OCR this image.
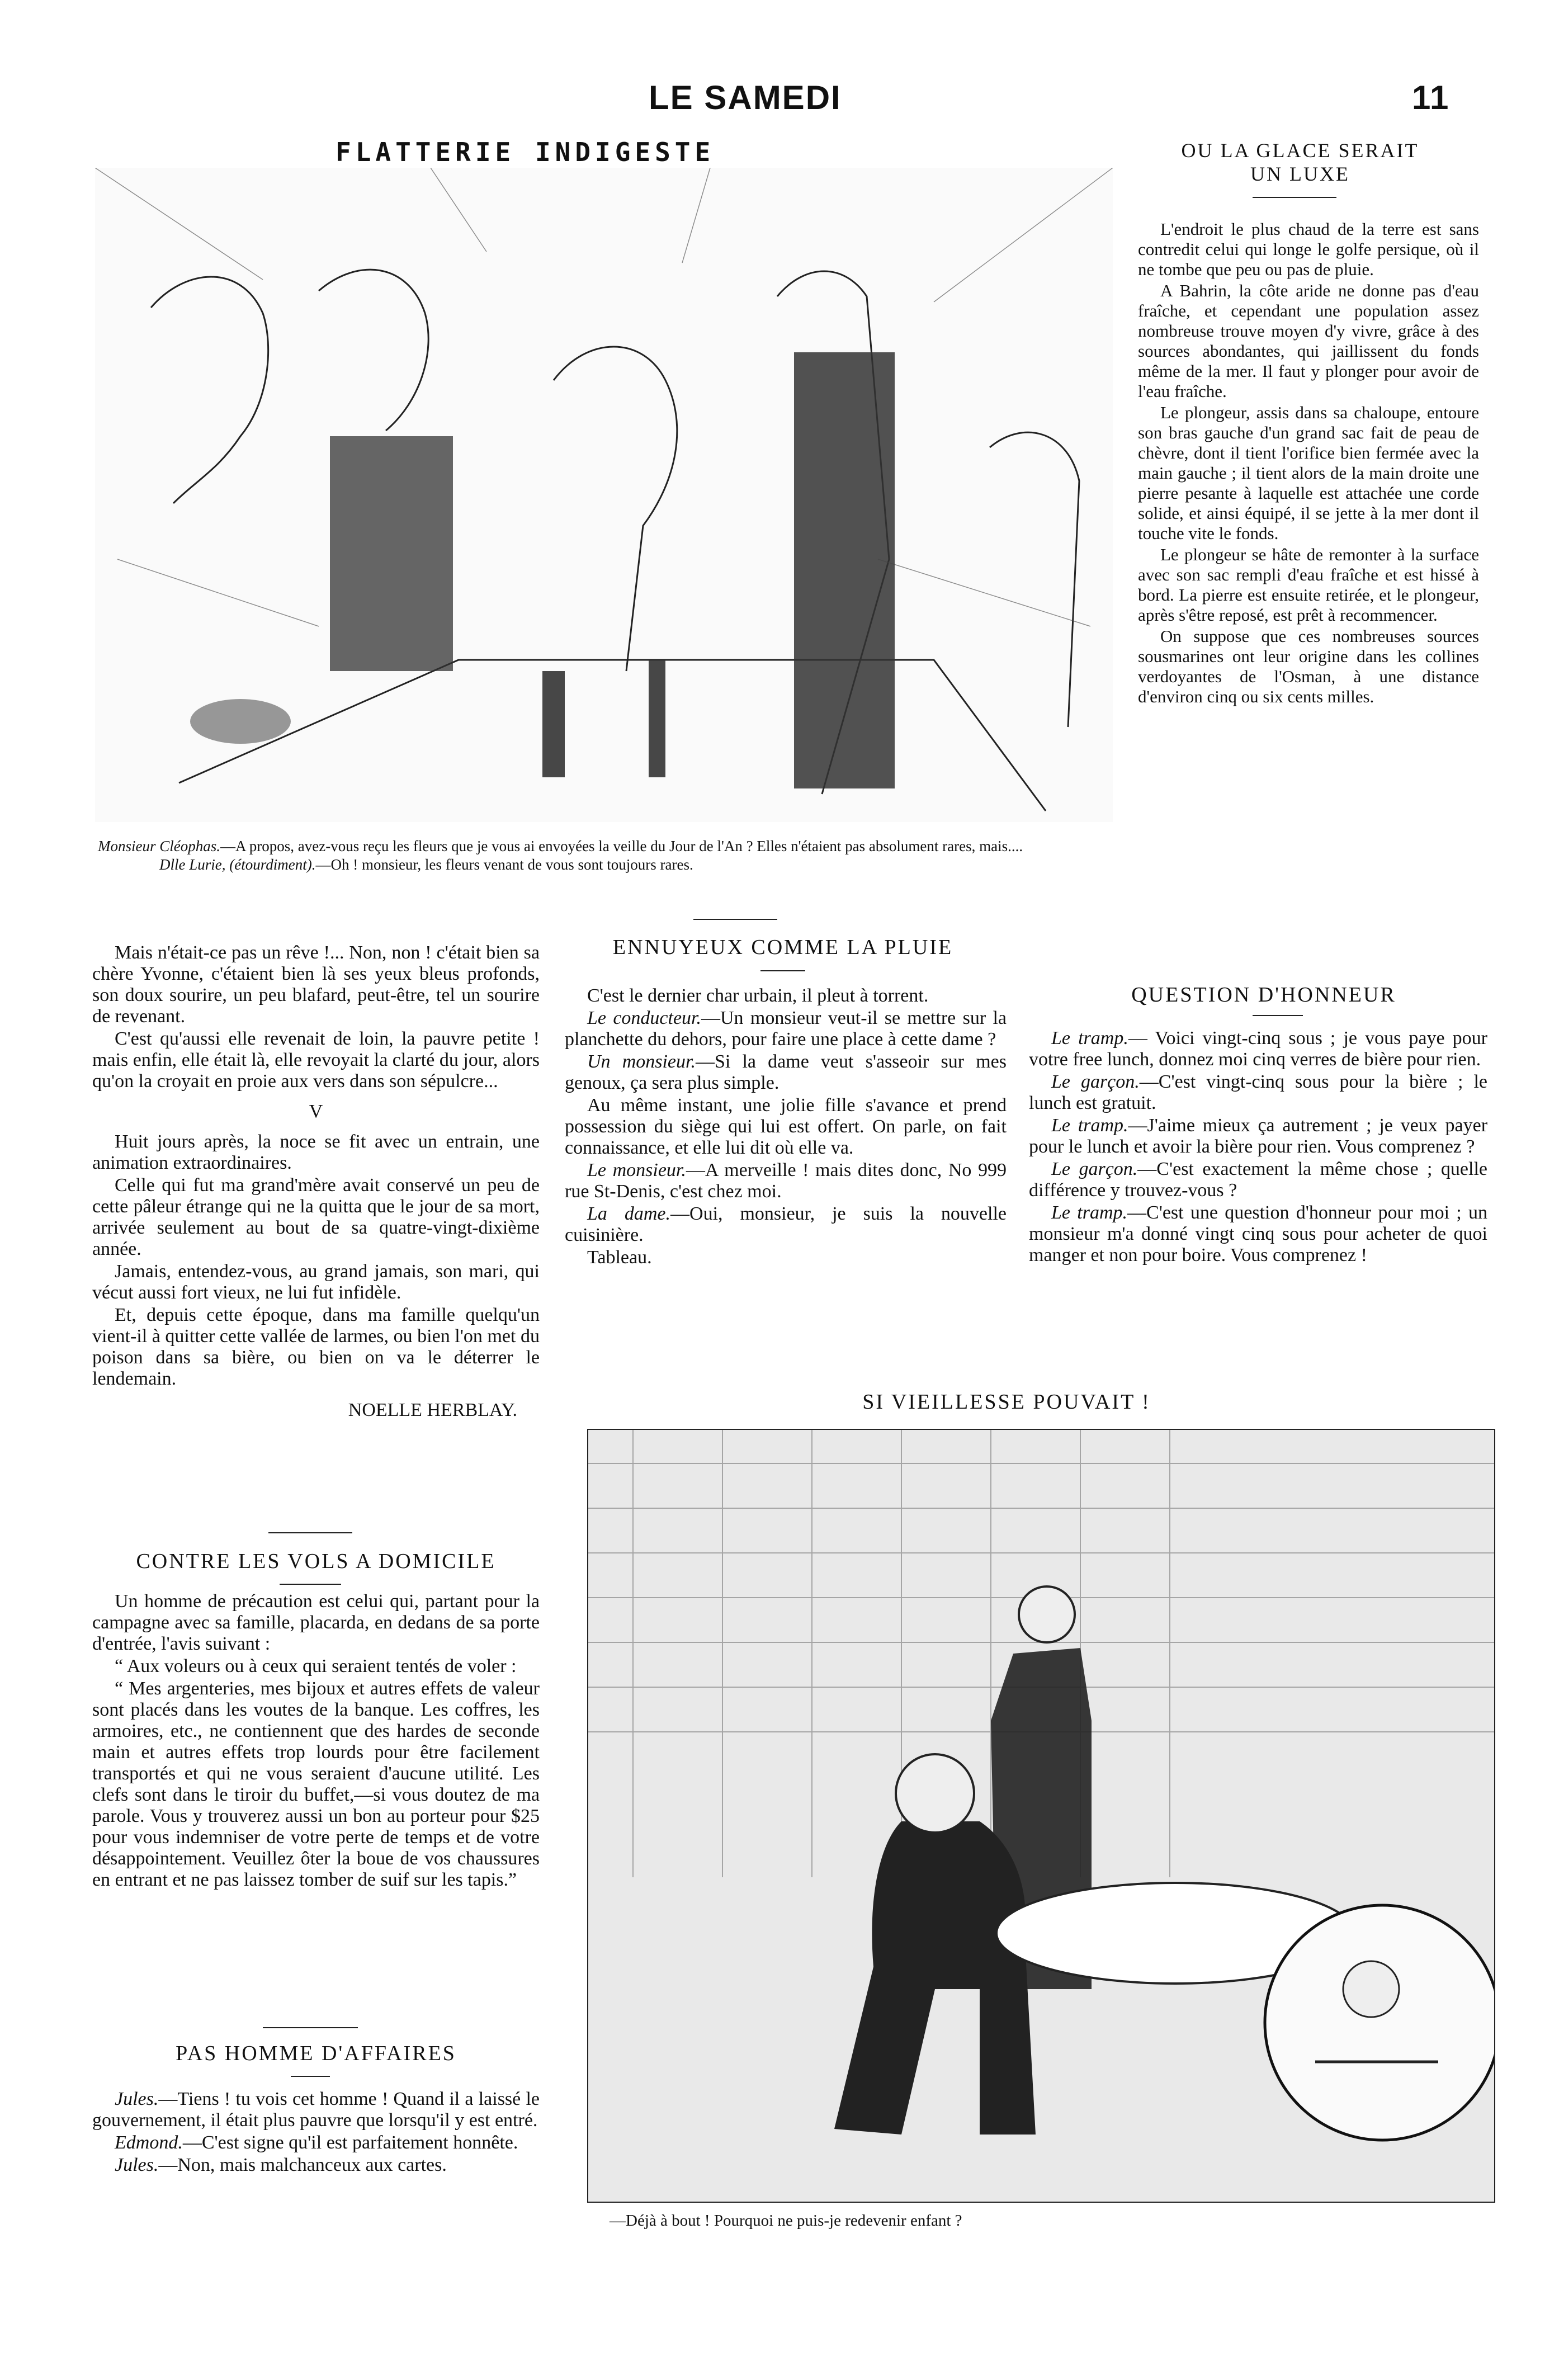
LE SAMEDI	11
FLATTERIE INDIGESTE
Monsieur Cléophas.—A propos, avez-vous reçu les fleurs que je vous ai envoyées la veille du Jour de l'An ? Elles n'étaient pas absolument rares, mais....
Dlle Lurie, (étourdiment).—Oh ! monsieur, les fleurs venant de vous sont toujours rares.
OU LA GLACE SERAIT
UN LUXE

L'endroit le plus chaud de la terre est sans contredit celui qui longe le golfe persique, où il ne tombe que peu ou pas de pluie.

A Bahrin, la côte aride ne donne pas d'eau fraîche, et cependant une population assez nombreuse trouve moyen d'y vivre, grâce à des sources abondantes, qui jaillissent du fonds même de la mer. Il faut y plonger pour avoir de l'eau fraîche.

Le plongeur, assis dans sa chaloupe, entoure son bras gauche d'un grand sac fait de peau de chèvre, dont il tient l'orifice bien fermée avec la main gauche ; il tient alors de la main droite une pierre pesante à laquelle est attachée une corde solide, et ainsi équipé, il se jette à la mer dont il touche vite le fonds.

Le plongeur se hâte de remonter à la surface avec son sac rempli d'eau fraîche et est hissé à bord. La pierre est ensuite retirée, et le plongeur, après s'être reposé, est prêt à recommencer.

On suppose que ces nombreuses sources sousmarines ont leur origine dans les collines verdoyantes de l'Osman, à une distance d'environ cinq ou six cents milles.

Mais n'était-ce pas un rêve !... Non, non ! c'était bien sa chère Yvonne, c'étaient bien là ses yeux bleus profonds, son doux sourire, un peu blafard, peut-être, tel un sourire de revenant.

C'est qu'aussi elle revenait de loin, la pauvre petite ! mais enfin, elle était là, elle revoyait la clarté du jour, alors qu'on la croyait en proie aux vers dans son sépulcre...

V

Huit jours après, la noce se fit avec un entrain, une animation extraordinaires.

Celle qui fut ma grand'mère avait conservé un peu de cette pâleur étrange qui ne la quitta que le jour de sa mort, arrivée seulement au bout de sa quatre-vingt-dixième année.

Jamais, entendez-vous, au grand jamais, son mari, qui vécut aussi fort vieux, ne lui fut infidèle.

Et, depuis cette époque, dans ma famille quelqu'un vient-il à quitter cette vallée de larmes, ou bien l'on met du poison dans sa bière, ou bien on va le déterrer le lendemain.

NOELLE HERBLAY.

CONTRE LES VOLS A DOMICILE

Un homme de précaution est celui qui, partant pour la campagne avec sa famille, placarda, en dedans de sa porte d'entrée, l'avis suivant :

“ Aux voleurs ou à ceux qui seraient tentés de voler :

“ Mes argenteries, mes bijoux et autres effets de valeur sont placés dans les voutes de la banque. Les coffres, les armoires, etc., ne contiennent que des hardes de seconde main et autres effets trop lourds pour être facilement transportés et qui ne vous seraient d'aucune utilité. Les clefs sont dans le tiroir du buffet,—si vous doutez de ma parole. Vous y trouverez aussi un bon au porteur pour $25 pour vous indemniser de votre perte de temps et de votre désappointement. Veuillez ôter la boue de vos chaussures en entrant et ne pas laissez tomber de suif sur les tapis.”

PAS HOMME D'AFFAIRES

Jules.—Tiens ! tu vois cet homme ! Quand il a laissé le gouvernement, il était plus pauvre que lorsqu'il y est entré.

Edmond.—C'est signe qu'il est parfaitement honnête.

Jules.—Non, mais malchanceux aux cartes.

ENNUYEUX COMME LA PLUIE

C'est le dernier char urbain, il pleut à torrent.

Le conducteur.—Un monsieur veut-il se mettre sur la planchette du dehors, pour faire une place à cette dame ?

Un monsieur.—Si la dame veut s'asseoir sur mes genoux, ça sera plus simple.

Au même instant, une jolie fille s'avance et prend possession du siège qui lui est offert. On parle, on fait connaissance, et elle lui dit où elle va.

Le monsieur.—A merveille ! mais dites donc, No 999 rue St-Denis, c'est chez moi.

La dame.—Oui, monsieur, je suis la nouvelle cuisinière.

Tableau.

QUESTION D'HONNEUR

Le tramp.— Voici vingt-cinq sous ; je vous paye pour votre free lunch, donnez moi cinq verres de bière pour rien.

Le garçon.—C'est vingt-cinq sous pour la bière ; le lunch est gratuit.

Le tramp.—J'aime mieux ça autrement ; je veux payer pour le lunch et avoir la bière pour rien. Vous comprenez ?

Le garçon.—C'est exactement la même chose ; quelle différence y trouvez-vous ?

Le tramp.—C'est une question d'honneur pour moi ; un monsieur m'a donné vingt cinq sous pour acheter de quoi manger et non pour boire. Vous comprenez !

SI VIEILLESSE POUVAIT !
—Déjà à bout ! Pourquoi ne puis-je redevenir enfant ?
